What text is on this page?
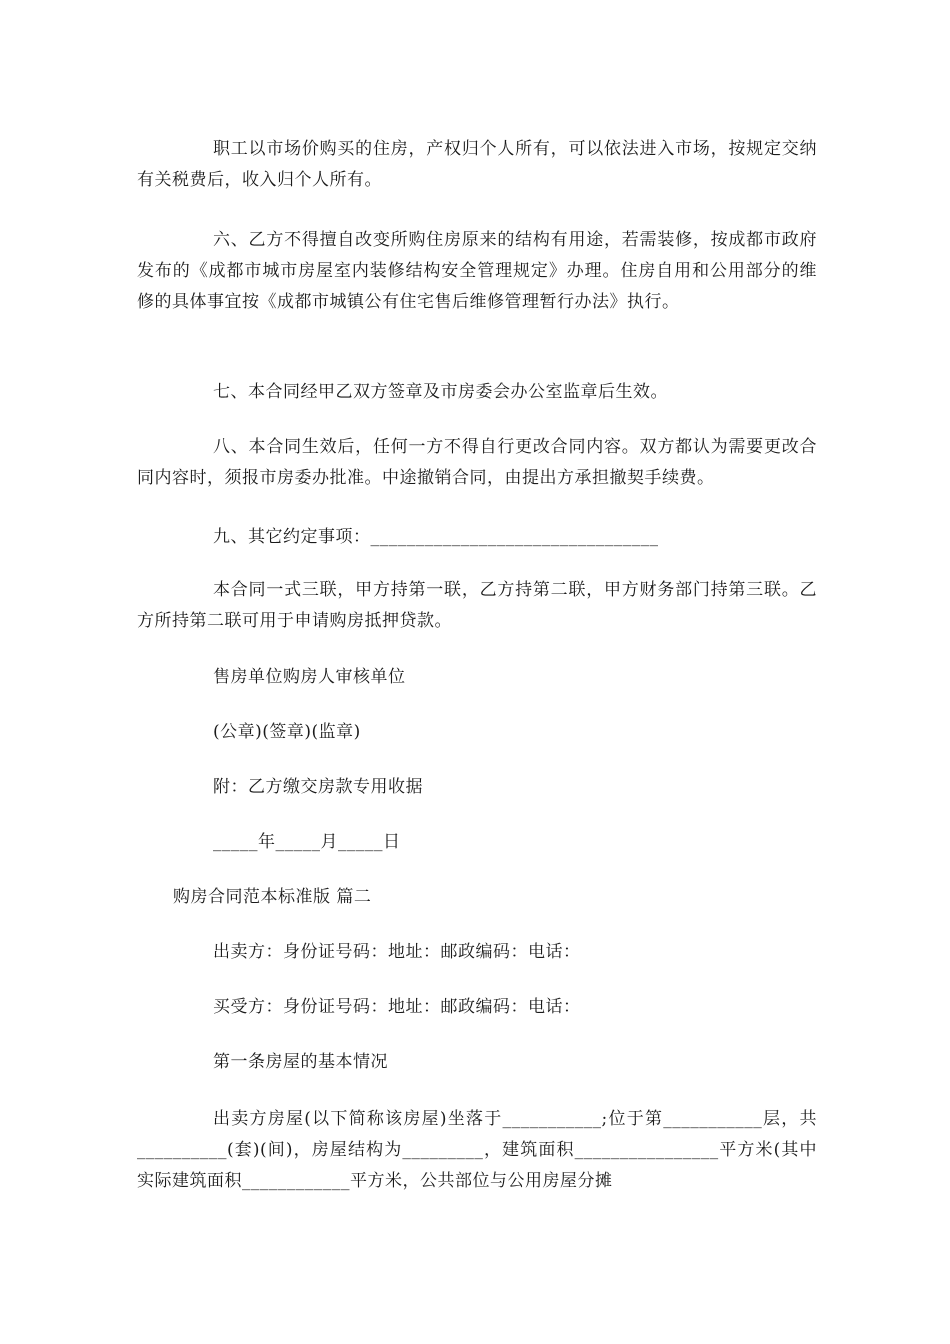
职工以市场价购买的住房，产权归个人所有，可以依法进入市场，按规定交纳有关税费后，收入归个人所有。

六、乙方不得擅自改变所购住房原来的结构有用途，若需装修，按成都市政府发布的《成都市城市房屋室内装修结构安全管理规定》办理。住房自用和公用部分的维修的具体事宜按《成都市城镇公有住宅售后维修管理暂行办法》执行。

七、本合同经甲乙双方签章及市房委会办公室监章后生效。

八、本合同生效后，任何一方不得自行更改合同内容。双方都认为需要更改合同内容时，须报市房委办批准。中途撤销合同，由提出方承担撤契手续费。

九、其它约定事项：________________________________

本合同一式三联，甲方持第一联，乙方持第二联，甲方财务部门持第三联。乙方所持第二联可用于申请购房抵押贷款。

售房单位购房人审核单位

(公章)(签章)(监章)

附：乙方缴交房款专用收据

_____年_____月_____日

购房合同范本标准版 篇二

出卖方：身份证号码：地址：邮政编码：电话：

买受方：身份证号码：地址：邮政编码：电话：

第一条房屋的基本情况

出卖方房屋(以下简称该房屋)坐落于___________;位于第___________层，共__________(套)(间)，房屋结构为_________，建筑面积________________平方米(其中实际建筑面积____________平方米，公共部位与公用房屋分摊
